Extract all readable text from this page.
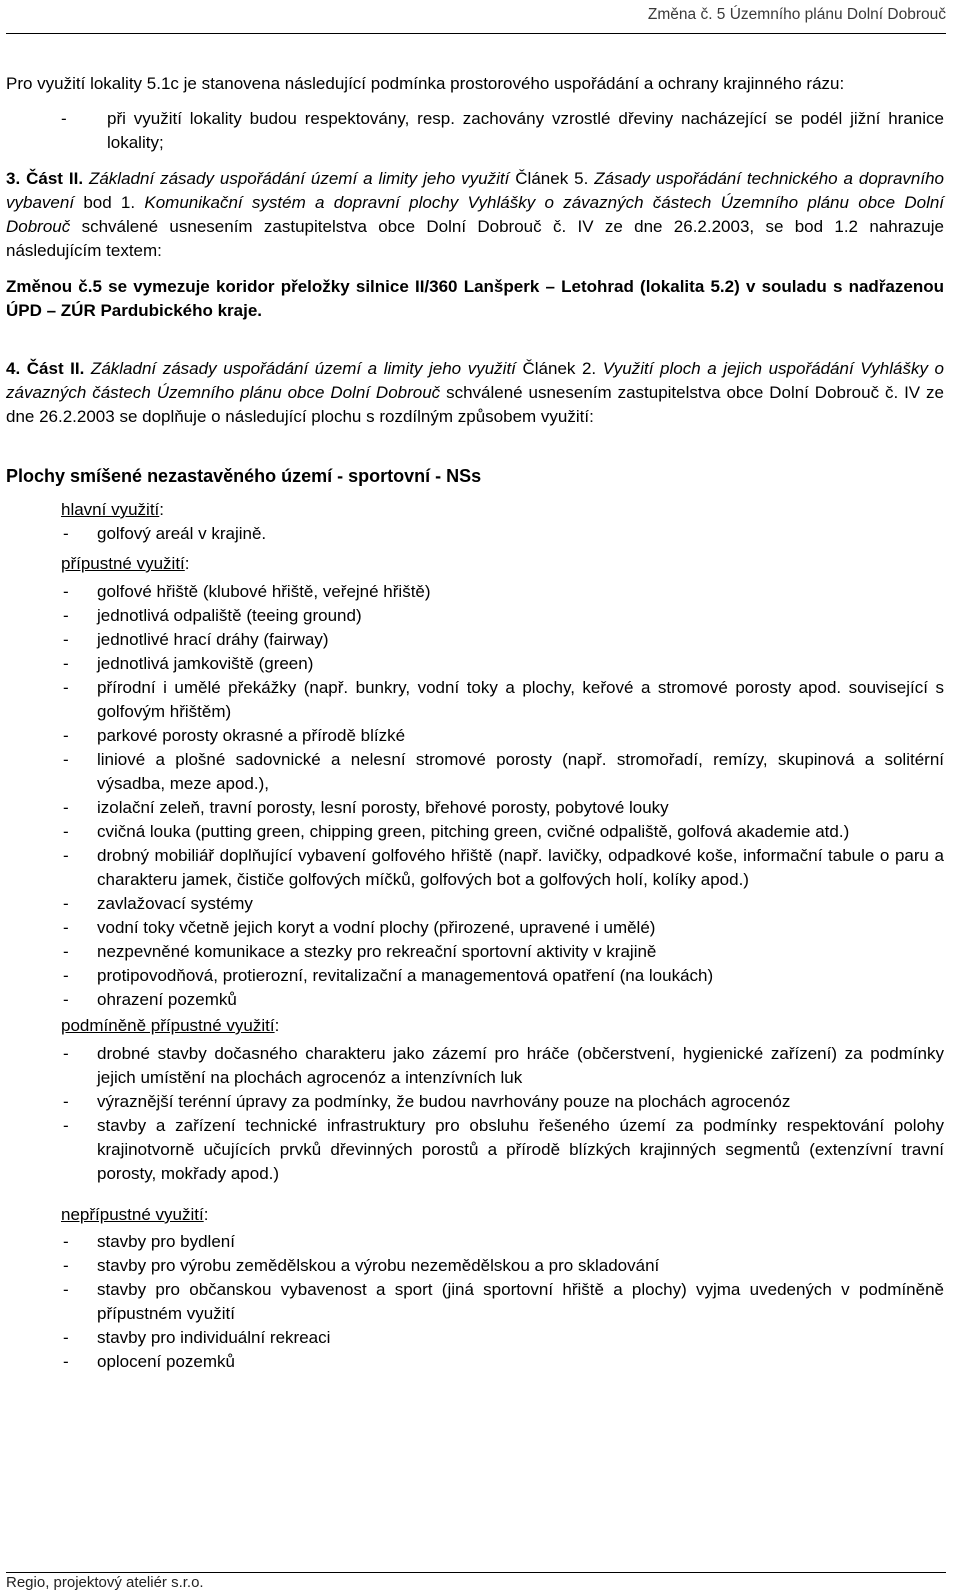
Změna č. 5 Územního plánu Dolní Dobrouč

Pro využití lokality 5.1c je stanovena následující podmínka prostorového uspořádání a ochrany krajinného rázu:

-	při využití lokality budou respektovány, resp. zachovány vzrostlé dřeviny nacházející se podél jižní hranice lokality;

3. Část II. Základní zásady uspořádání území a limity jeho využití Článek 5. Zásady uspořádání technického a dopravního vybavení bod 1. Komunikační systém a dopravní plochy Vyhlášky o závazných částech Územního plánu obce Dolní Dobrouč schválené usnesením zastupitelstva obce Dolní Dobrouč č. IV ze dne 26.2.2003, se bod 1.2 nahrazuje následujícím textem:

Změnou č.5 se vymezuje koridor přeložky silnice II/360 Lanšperk – Letohrad (lokalita 5.2) v souladu s nadřazenou ÚPD – ZÚR Pardubického kraje.

4. Část II. Základní zásady uspořádání území a limity jeho využití Článek 2. Využití ploch a jejich uspořádání Vyhlášky o závazných částech Územního plánu obce Dolní Dobrouč schválené usnesením zastupitelstva obce Dolní Dobrouč č. IV ze dne 26.2.2003 se doplňuje o následující plochu s rozdílným způsobem využití:

Plochy smíšené nezastavěného území - sportovní - NSs

hlavní využití:

-	golfový areál v krajině.

přípustné využití:

-	golfové hřiště (klubové hřiště, veřejné hřiště)
-	jednotlivá odpaliště (teeing ground)
-	jednotlivé hrací dráhy (fairway)
-	jednotlivá jamkoviště (green)
-	přírodní i umělé překážky (např. bunkry, vodní toky a plochy, keřové a stromové porosty apod. související s golfovým hřištěm)
-	parkové porosty okrasné a přírodě blízké
-	liniové a plošné sadovnické a nelesní stromové porosty (např. stromořadí, remízy, skupinová a solitérní výsadba, meze apod.),
-	izolační zeleň, travní porosty, lesní porosty, břehové porosty, pobytové louky
-	cvičná louka (putting green, chipping green, pitching green, cvičné odpaliště, golfová akademie atd.)
-	drobný mobiliář doplňující vybavení golfového hřiště (např. lavičky, odpadkové koše, informační tabule o paru a charakteru jamek, čističe golfových míčků, golfových bot a golfových holí, kolíky apod.)
-	zavlažovací systémy
-	vodní toky včetně jejich koryt a vodní plochy (přirozené, upravené i umělé)
-	nezpevněné komunikace a stezky pro rekreační sportovní aktivity v krajině
-	protipovodňová, protierozní, revitalizační a managementová opatření (na loukách)
-	ohrazení pozemků

podmíněně přípustné využití:

-	drobné stavby dočasného charakteru jako zázemí pro hráče (občerstvení, hygienické zařízení) za podmínky jejich umístění na plochách agrocenóz a intenzívních luk
-	výraznější terénní úpravy za podmínky, že budou navrhovány pouze na plochách agrocenóz
-	stavby a zařízení technické infrastruktury pro obsluhu řešeného území za podmínky respektování polohy krajinotvorně učujících prvků dřevinných porostů a přírodě blízkých krajinných segmentů (extenzívní travní porosty, mokřady apod.)

nepřípustné využití:

-	stavby pro bydlení
-	stavby pro výrobu zemědělskou a výrobu nezemědělskou a pro skladování
-	stavby pro občanskou vybavenost a sport (jiná sportovní hřiště a plochy) vyjma uvedených v podmíněně přípustném využití
-	stavby pro individuální rekreaci
-	oplocení pozemků
Regio, projektový ateliér s.r.o.
